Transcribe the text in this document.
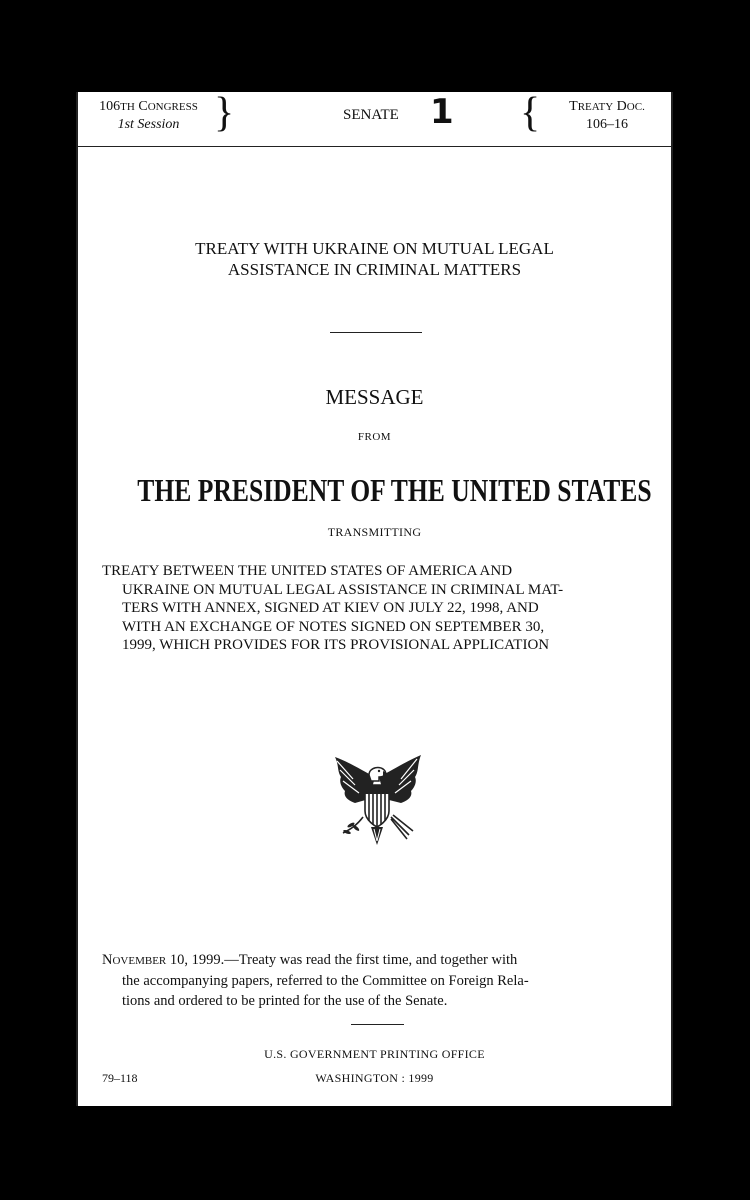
106TH CONGRESS
1st Session }	SENATE 1 {	TREATY DOC.
106–16
TREATY WITH UKRAINE ON MUTUAL LEGAL
ASSISTANCE IN CRIMINAL MATTERS
MESSAGE
FROM
THE PRESIDENT OF THE UNITED STATES
TRANSMITTING
TREATY BETWEEN THE UNITED STATES OF AMERICA AND
UKRAINE ON MUTUAL LEGAL ASSISTANCE IN CRIMINAL MAT-
TERS WITH ANNEX, SIGNED AT KIEV ON JULY 22, 1998, AND
WITH AN EXCHANGE OF NOTES SIGNED ON SEPTEMBER 30,
1999, WHICH PROVIDES FOR ITS PROVISIONAL APPLICATION
NOVEMBER 10, 1999.—Treaty was read the first time, and together with
the accompanying papers, referred to the Committee on Foreign Rela-
tions and ordered to be printed for the use of the Senate.
U.S. GOVERNMENT PRINTING OFFICE
79–118	WASHINGTON : 1999
